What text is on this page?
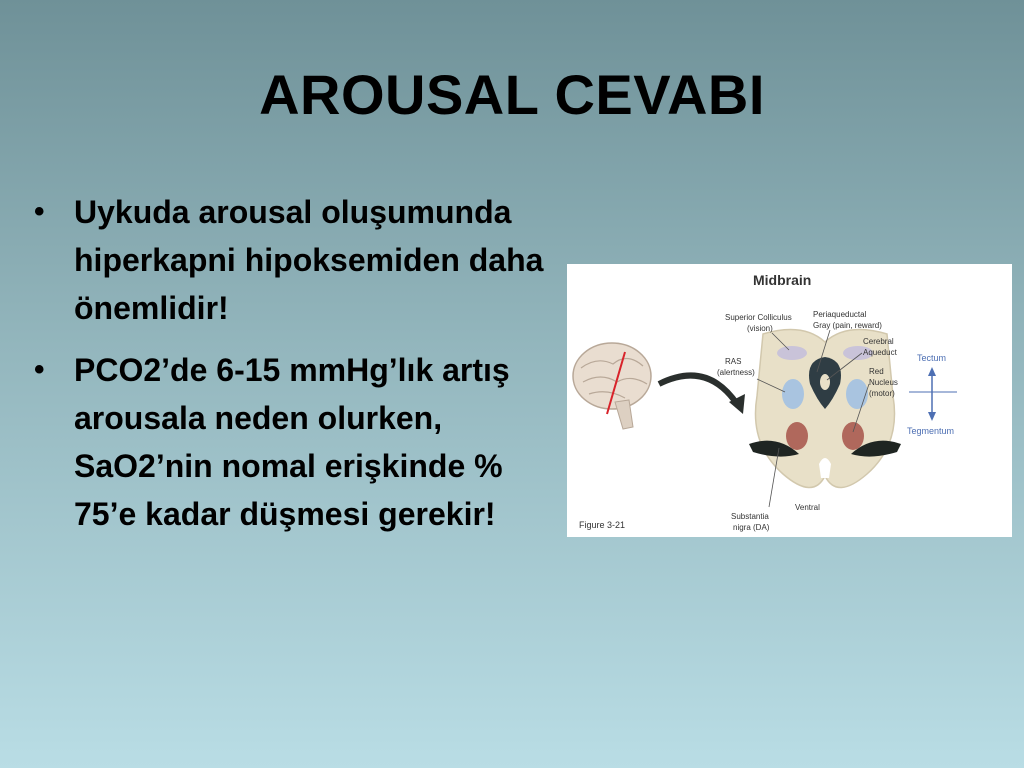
AROUSAL CEVABI
• Uykuda arousal oluşumunda hiperkapni hipoksemiden daha önemlidir!
• PCO2’de 6-15 mmHg’lık artış arousala neden olurken, SaO2’nin nomal erişkinde % 75’e kadar düşmesi gerekir!
Midbrain
Superior Colliculus
(vision)
Periaqueductal
Gray (pain, reward)
Cerebral
Aqueduct
Red
Nucleus
(motor)
RAS
(alertness)
Tectum
Tegmentum
Ventral
Substantia
nigra (DA)
Figure 3-21
